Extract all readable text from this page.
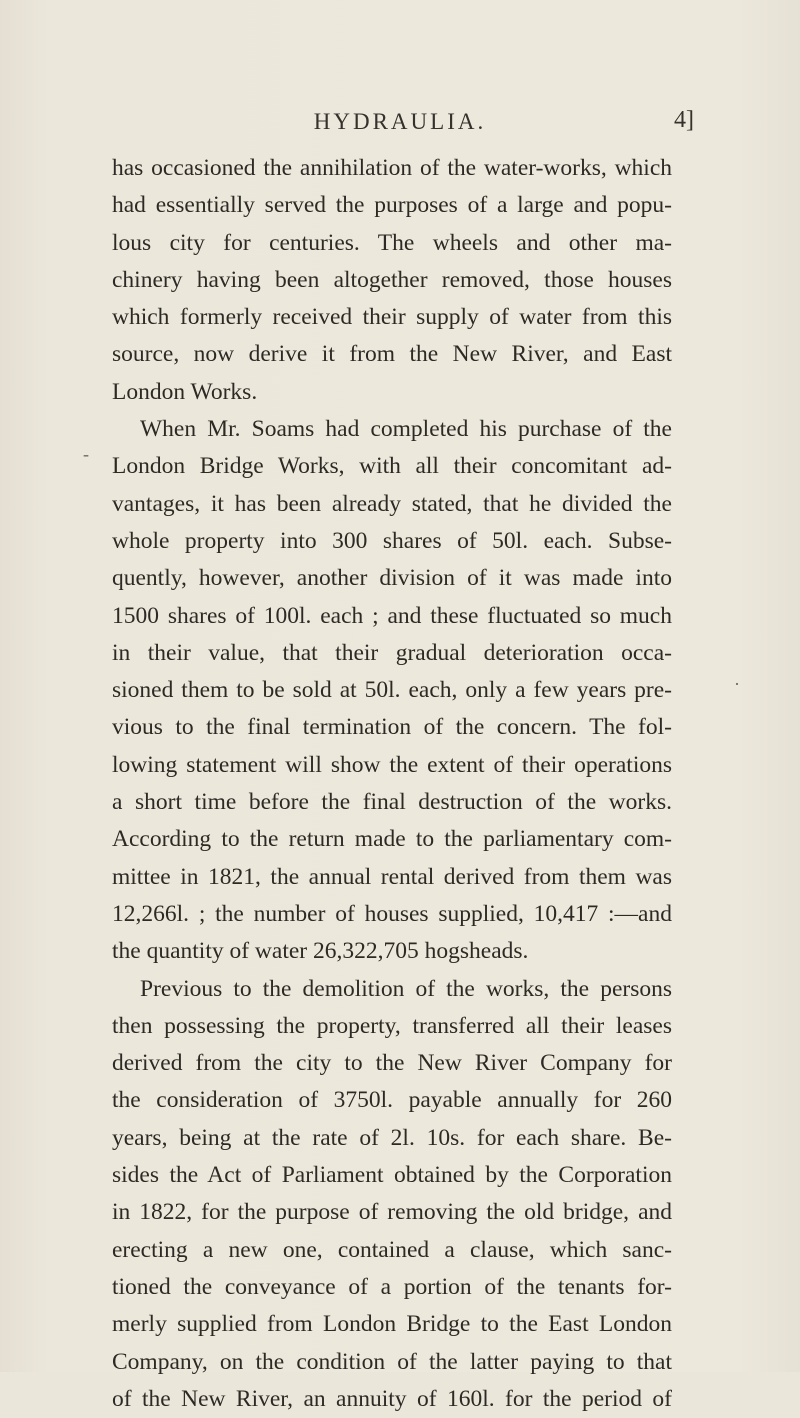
HYDRAULIA.	4]
-
·
has occasioned the annihilation of the water-works, which
had essentially served the purposes of a large and popu-
lous city for centuries. The wheels and other ma-
chinery having been altogether removed, those houses
which formerly received their supply of water from this
source, now derive it from the New River, and East
London Works.
When Mr. Soams had completed his purchase of the
London Bridge Works, with all their concomitant ad-
vantages, it has been already stated, that he divided the
whole property into 300 shares of 50l. each. Subse-
quently, however, another division of it was made into
1500 shares of 100l. each ; and these fluctuated so much
in their value, that their gradual deterioration occa-
sioned them to be sold at 50l. each, only a few years pre-
vious to the final termination of the concern. The fol-
lowing statement will show the extent of their operations
a short time before the final destruction of the works.
According to the return made to the parliamentary com-
mittee in 1821, the annual rental derived from them was
12,266l. ; the number of houses supplied, 10,417 :—and
the quantity of water 26,322,705 hogsheads.
Previous to the demolition of the works, the persons
then possessing the property, transferred all their leases
derived from the city to the New River Company for
the consideration of 3750l. payable annually for 260
years, being at the rate of 2l. 10s. for each share. Be-
sides the Act of Parliament obtained by the Corporation
in 1822, for the purpose of removing the old bridge, and
erecting a new one, contained a clause, which sanc-
tioned the conveyance of a portion of the tenants for-
merly supplied from London Bridge to the East London
Company, on the condition of the latter paying to that
of the New River, an annuity of 160l. for the period of
